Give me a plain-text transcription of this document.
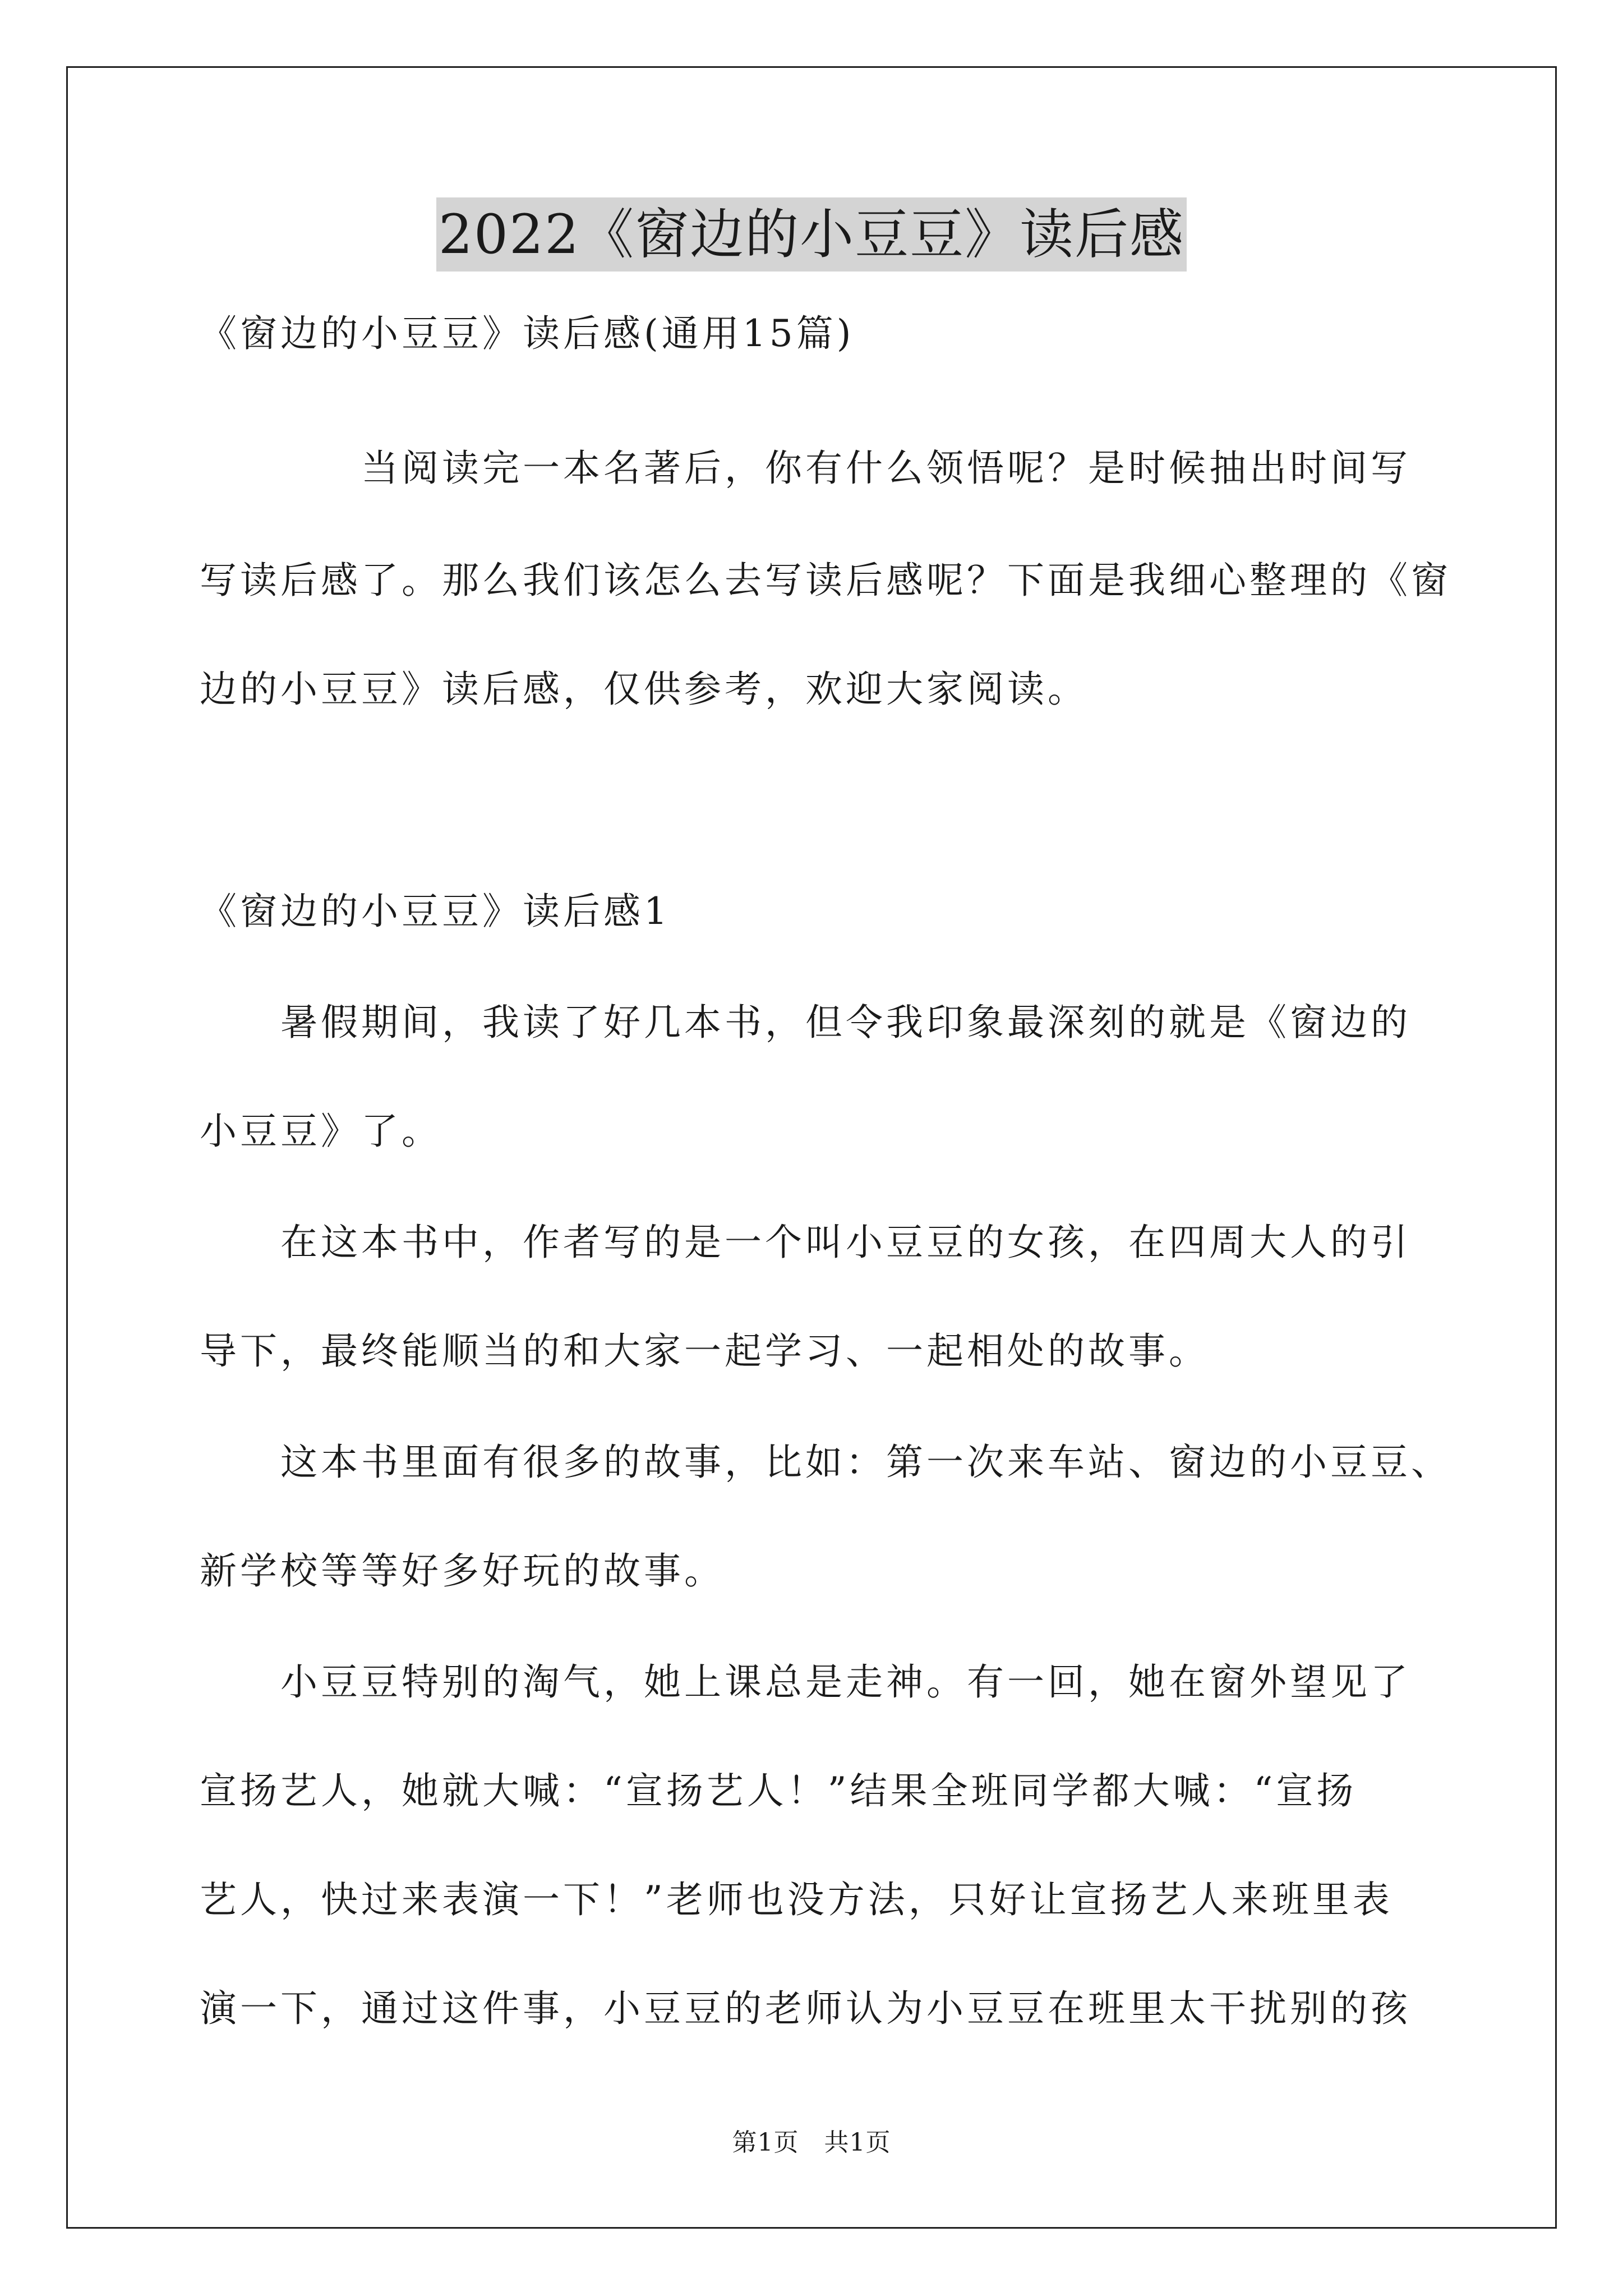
2022《窗边的小豆豆》读后感
《窗边的小豆豆》读后感(通用15篇)
当阅读完一本名著后，你有什么领悟呢？是时候抽出时间写
写读后感了。那么我们该怎么去写读后感呢？下面是我细心整理的《窗
边的小豆豆》读后感，仅供参考，欢迎大家阅读。
《窗边的小豆豆》读后感1
暑假期间，我读了好几本书，但令我印象最深刻的就是《窗边的
小豆豆》了。
在这本书中，作者写的是一个叫小豆豆的女孩，在四周大人的引
导下，最终能顺当的和大家一起学习、一起相处的故事。
这本书里面有很多的故事，比如：第一次来车站、窗边的小豆豆、
新学校等等好多好玩的故事。
小豆豆特别的淘气，她上课总是走神。有一回，她在窗外望见了
宣扬艺人，她就大喊：“宣扬艺人！”结果全班同学都大喊：“宣扬
艺人，快过来表演一下！”老师也没方法，只好让宣扬艺人来班里表
演一下，通过这件事，小豆豆的老师认为小豆豆在班里太干扰别的孩
第1页　共1页
